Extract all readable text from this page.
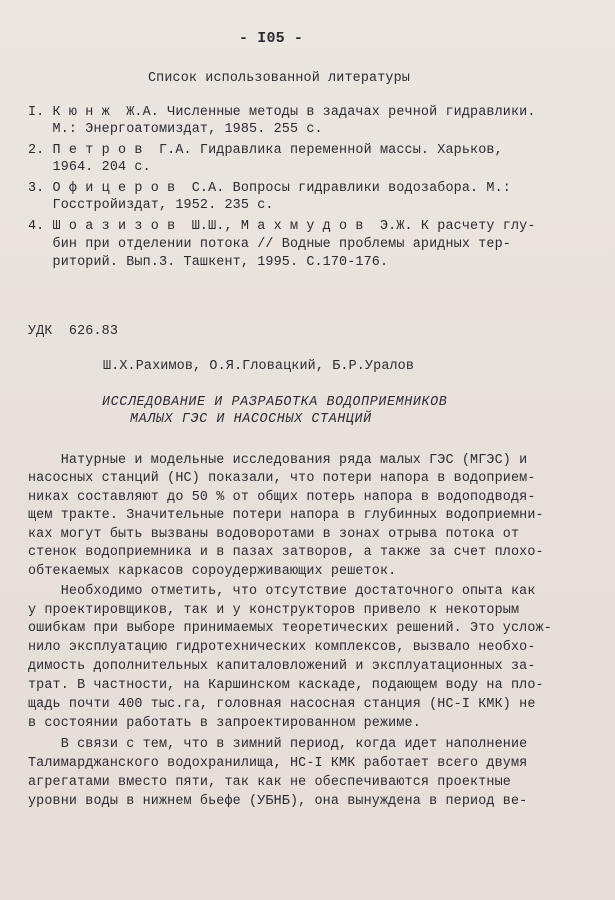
- I05 -
Список использованной литературы
I. К ю н ж  Ж.А. Численные методы в задачах речной гидравлики.
М.: Энергоатомиздат, 1985. 255 с.
2. П е т р о в  Г.А. Гидравлика переменной массы. Харьков,
1964. 204 с.
3. О ф и ц е р о в  С.А. Вопросы гидравлики водозабора. М.:
Госстройиздат, 1952. 235 с.
4. Ш о а з и з о в  Ш.Ш., М а х м у д о в  Э.Ж. К расчету глу-
бин при отделении потока // Водные проблемы аридных тер-
риторий. Вып.3. Ташкент, 1995. С.170-176.
УДК  626.83
Ш.Х.Рахимов, О.Я.Гловацкий, Б.Р.Уралов
ИССЛЕДОВАНИЕ И РАЗРАБОТКА ВОДОПРИЕМНИКОВ
МАЛЫХ ГЭС И НАСОСНЫХ СТАНЦИЙ
Натурные и модельные исследования ряда малых ГЭС (МГЭС) и
насосных станций (НС) показали, что потери напора в водоприем-
никах составляют до 50 % от общих потерь напора в водоподводя-
щем тракте. Значительные потери напора в глубинных водоприемни-
ках могут быть вызваны водоворотами в зонах отрыва потока от
стенок водоприемника и в пазах затворов, а также за счет плохо-
обтекаемых каркасов сороудерживающих решеток.
Необходимо отметить, что отсутствие достаточного опыта как
у проектировщиков, так и у конструкторов привело к некоторым
ошибкам при выборе принимаемых теоретических решений. Это услож-
нило эксплуатацию гидротехнических комплексов, вызвало необхо-
димость дополнительных капиталовложений и эксплуатационных за-
трат. В частности, на Каршинском каскаде, подающем воду на пло-
щадь почти 400 тыс.га, головная насосная станция (НС-I КМК) не
в состоянии работать в запроектированном режиме.
В связи с тем, что в зимний период, когда идет наполнение
Талимарджанского водохранилища, НС-I КМК работает всего двумя
агрегатами вместо пяти, так как не обеспечиваются проектные
уровни воды в нижнем бьефе (УБНБ), она вынуждена в период ве-
